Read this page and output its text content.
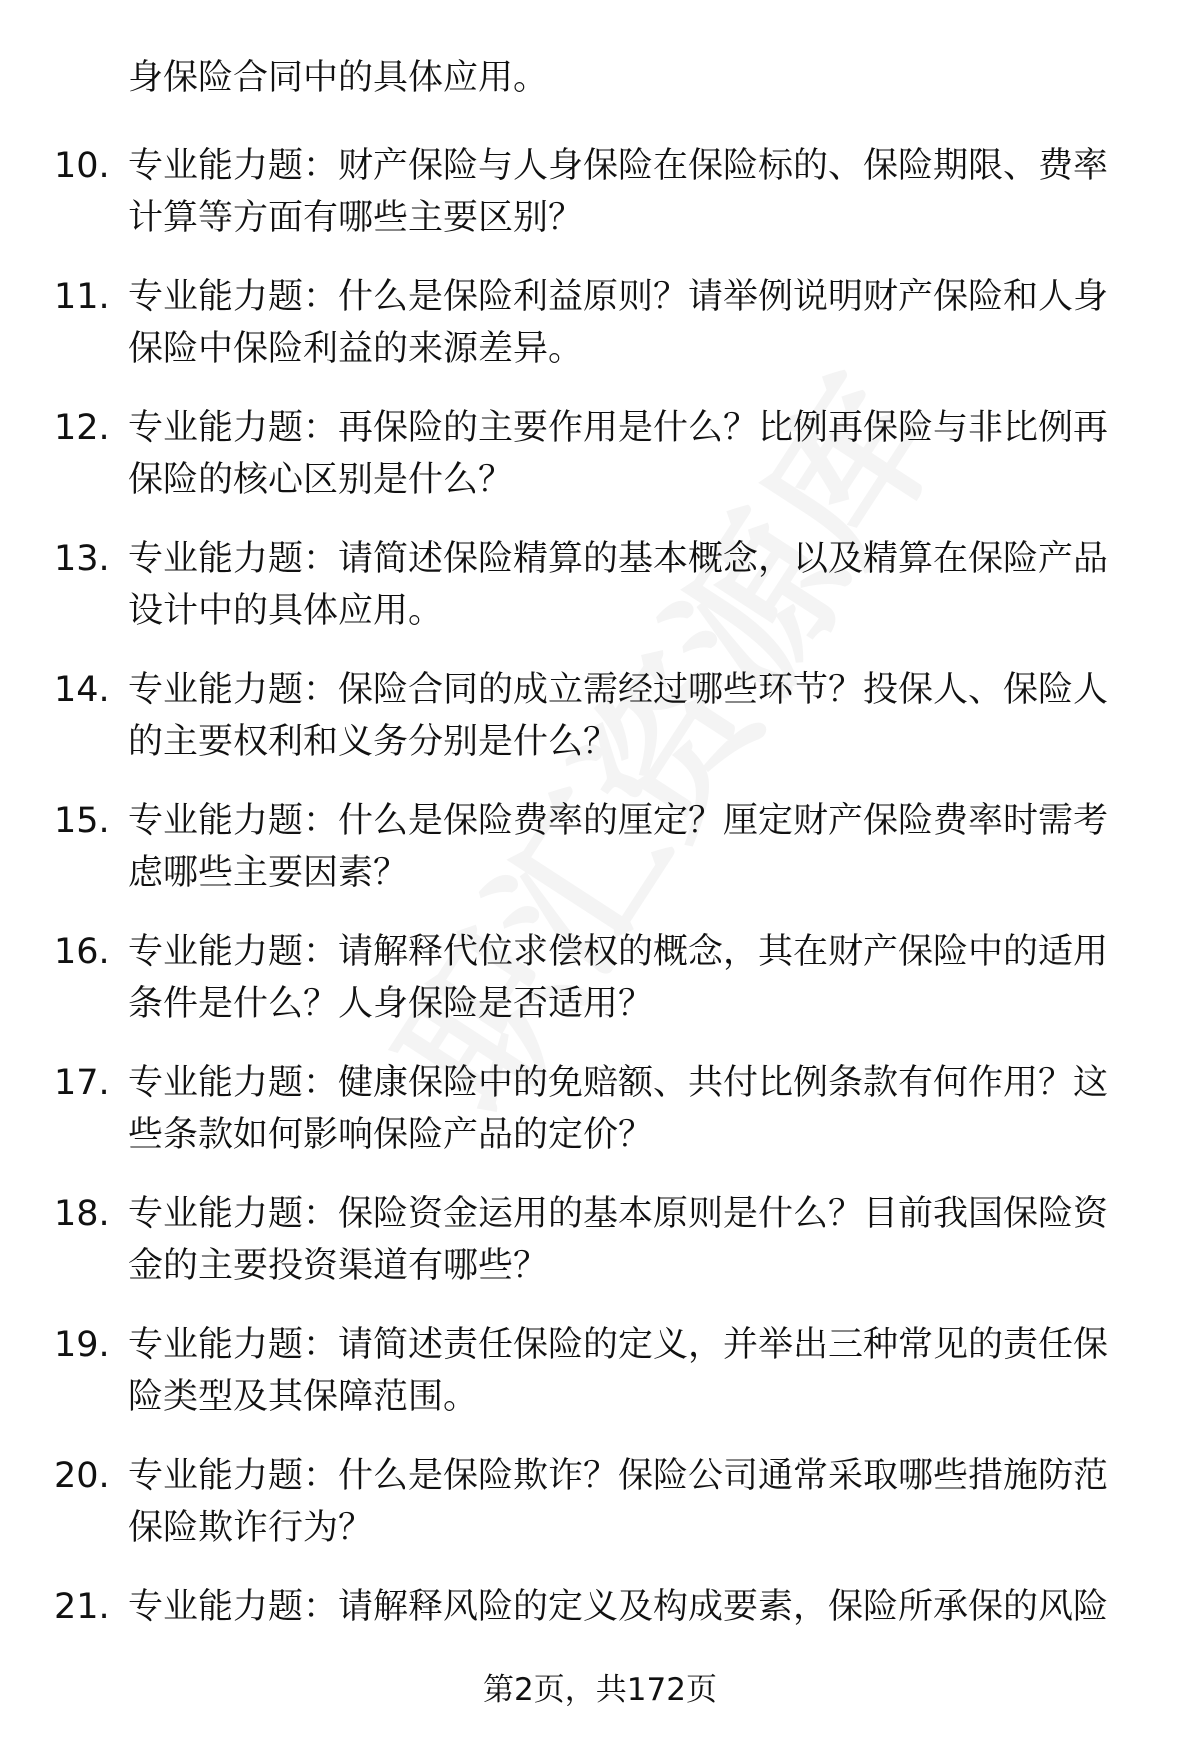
身保险合同中的具体应用。
10. 专业能力题：财产保险与人身保险在保险标的、保险期限、费率
计算等方面有哪些主要区别？
11. 专业能力题：什么是保险利益原则？请举例说明财产保险和人身
保险中保险利益的来源差异。
12. 专业能力题：再保险的主要作用是什么？比例再保险与非比例再
保险的核心区别是什么？
13. 专业能力题：请简述保险精算的基本概念，以及精算在保险产品
设计中的具体应用。
14. 专业能力题：保险合同的成立需经过哪些环节？投保人、保险人
的主要权利和义务分别是什么？
15. 专业能力题：什么是保险费率的厘定？厘定财产保险费率时需考
虑哪些主要因素？
16. 专业能力题：请解释代位求偿权的概念，其在财产保险中的适用
条件是什么？人身保险是否适用？
17. 专业能力题：健康保险中的免赔额、共付比例条款有何作用？这
些条款如何影响保险产品的定价？
18. 专业能力题：保险资金运用的基本原则是什么？目前我国保险资
金的主要投资渠道有哪些？
19. 专业能力题：请简述责任保险的定义，并举出三种常见的责任保
险类型及其保障范围。
20. 专业能力题：什么是保险欺诈？保险公司通常采取哪些措施防范
保险欺诈行为？
21. 专业能力题：请解释风险的定义及构成要素，保险所承保的风险
第2页，共172页
